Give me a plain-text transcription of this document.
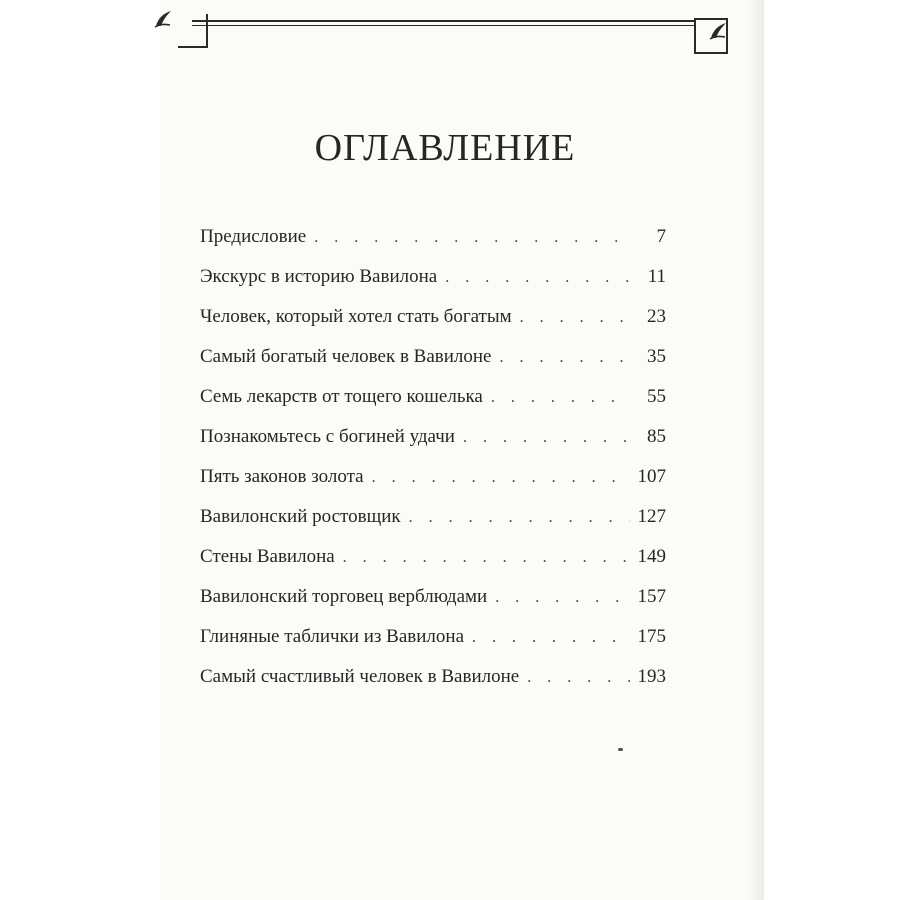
ОГЛАВЛЕНИЕ
Предисловие . . .	7
Экскурс в историю Вавилона . . .	11
Человек, который хотел стать богатым . . .	23
Самый богатый человек в Вавилоне . . .	35
Семь лекарств от тощего кошелька . . .	55
Познакомьтесь с богиней удачи . . .	85
Пять законов золота . . .	107
Вавилонский ростовщик . . .	127
Стены Вавилона . . .	149
Вавилонский торговец верблюдами . . .	157
Глиняные таблички из Вавилона . . .	175
Самый счастливый человек в Вавилоне . . .	193
